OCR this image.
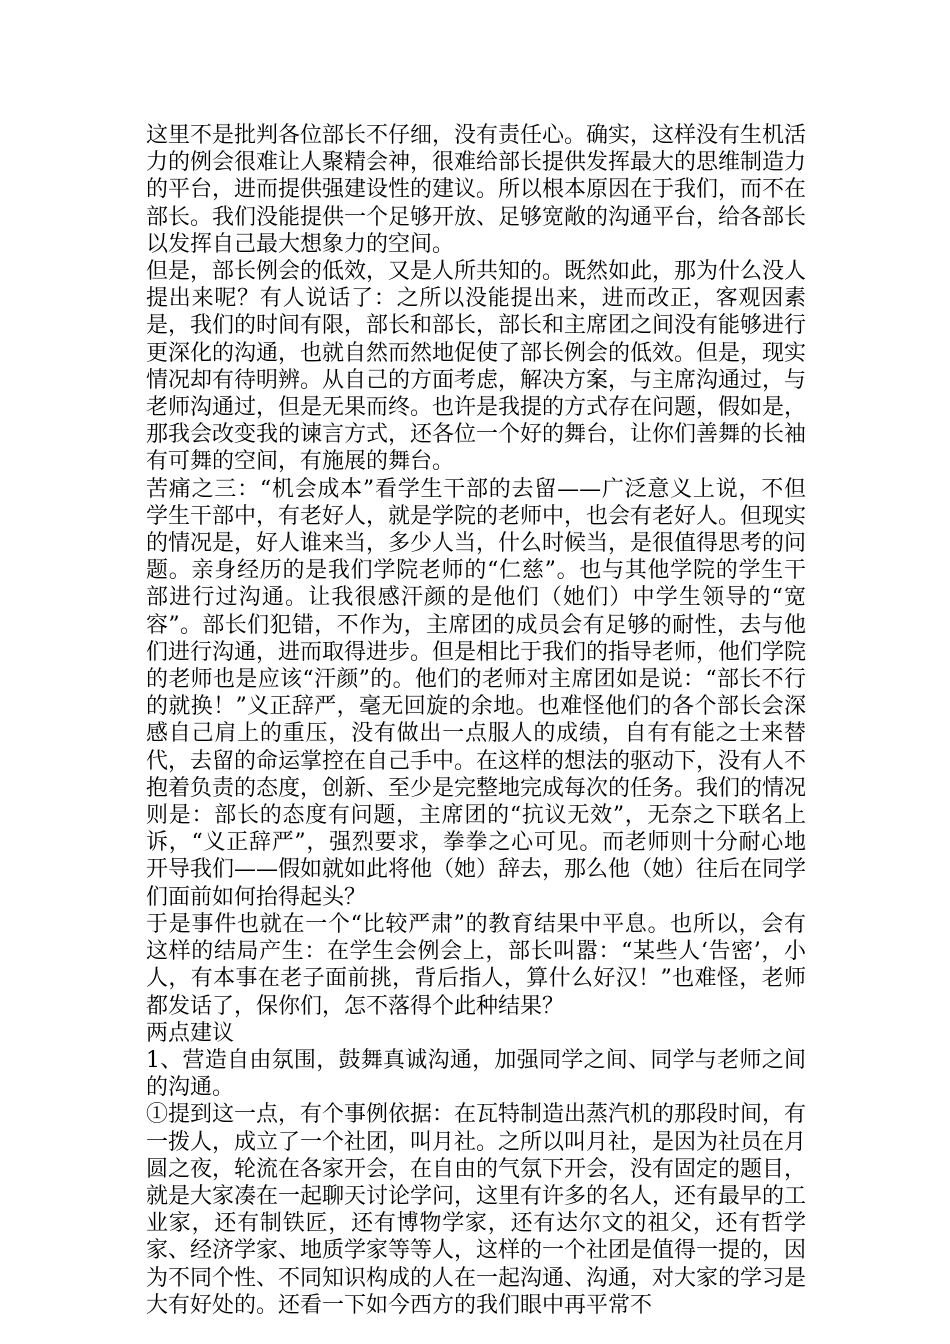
这里不是批判各位部长不仔细，没有责任心。确实，这样没有生机活力的例会很难让人聚精会神，很难给部长提供发挥最大的思维制造力的平台，进而提供强建设性的建议。所以根本原因在于我们，而不在部长。我们没能提供一个足够开放、足够宽敞的沟通平台，给各部长以发挥自己最大想象力的空间。

但是，部长例会的低效，又是人所共知的。既然如此，那为什么没人提出来呢？有人说话了：之所以没能提出来，进而改正，客观因素是，我们的时间有限，部长和部长，部长和主席团之间没有能够进行更深化的沟通，也就自然而然地促使了部长例会的低效。但是，现实情况却有待明辨。从自己的方面考虑，解决方案，与主席沟通过，与老师沟通过，但是无果而终。也许是我提的方式存在问题，假如是，那我会改变我的谏言方式，还各位一个好的舞台，让你们善舞的长袖有可舞的空间，有施展的舞台。

苦痛之三：“机会成本”看学生干部的去留——广泛意义上说，不但学生干部中，有老好人，就是学院的老师中，也会有老好人。但现实的情况是，好人谁来当，多少人当，什么时候当，是很值得思考的问题。亲身经历的是我们学院老师的“仁慈”。也与其他学院的学生干部进行过沟通。让我很感汗颜的是他们（她们）中学生领导的“宽容”。部长们犯错，不作为，主席团的成员会有足够的耐性，去与他们进行沟通，进而取得进步。但是相比于我们的指导老师，他们学院的老师也是应该“汗颜”的。他们的老师对主席团如是说：“部长不行的就换！”义正辞严，毫无回旋的余地。也难怪他们的各个部长会深感自己肩上的重压，没有做出一点服人的成绩，自有有能之士来替代，去留的命运掌控在自己手中。在这样的想法的驱动下，没有人不抱着负责的态度，创新、至少是完整地完成每次的任务。我们的情况则是：部长的态度有问题，主席团的“抗议无效”，无奈之下联名上诉，“义正辞严”，强烈要求，拳拳之心可见。而老师则十分耐心地开导我们——假如就如此将他（她）辞去，那么他（她）往后在同学们面前如何抬得起头？

于是事件也就在一个“比较严肃”的教育结果中平息。也所以，会有这样的结局产生：在学生会例会上，部长叫嚣：“某些人‘告密’，小人，有本事在老子面前挑，背后指人，算什么好汉！”也难怪，老师都发话了，保你们，怎不落得个此种结果？

两点建议

1、营造自由氛围，鼓舞真诚沟通，加强同学之间、同学与老师之间的沟通。

①提到这一点，有个事例依据：在瓦特制造出蒸汽机的那段时间，有一拨人，成立了一个社团，叫月社。之所以叫月社，是因为社员在月圆之夜，轮流在各家开会，在自由的气氛下开会，没有固定的题目，就是大家凑在一起聊天讨论学问，这里有许多的名人，还有最早的工业家，还有制铁匠，还有博物学家，还有达尔文的祖父，还有哲学家、经济学家、地质学家等等人，这样的一个社团是值得一提的，因为不同个性、不同知识构成的人在一起沟通、沟通，对大家的学习是大有好处的。还看一下如今西方的我们眼中再平常不
